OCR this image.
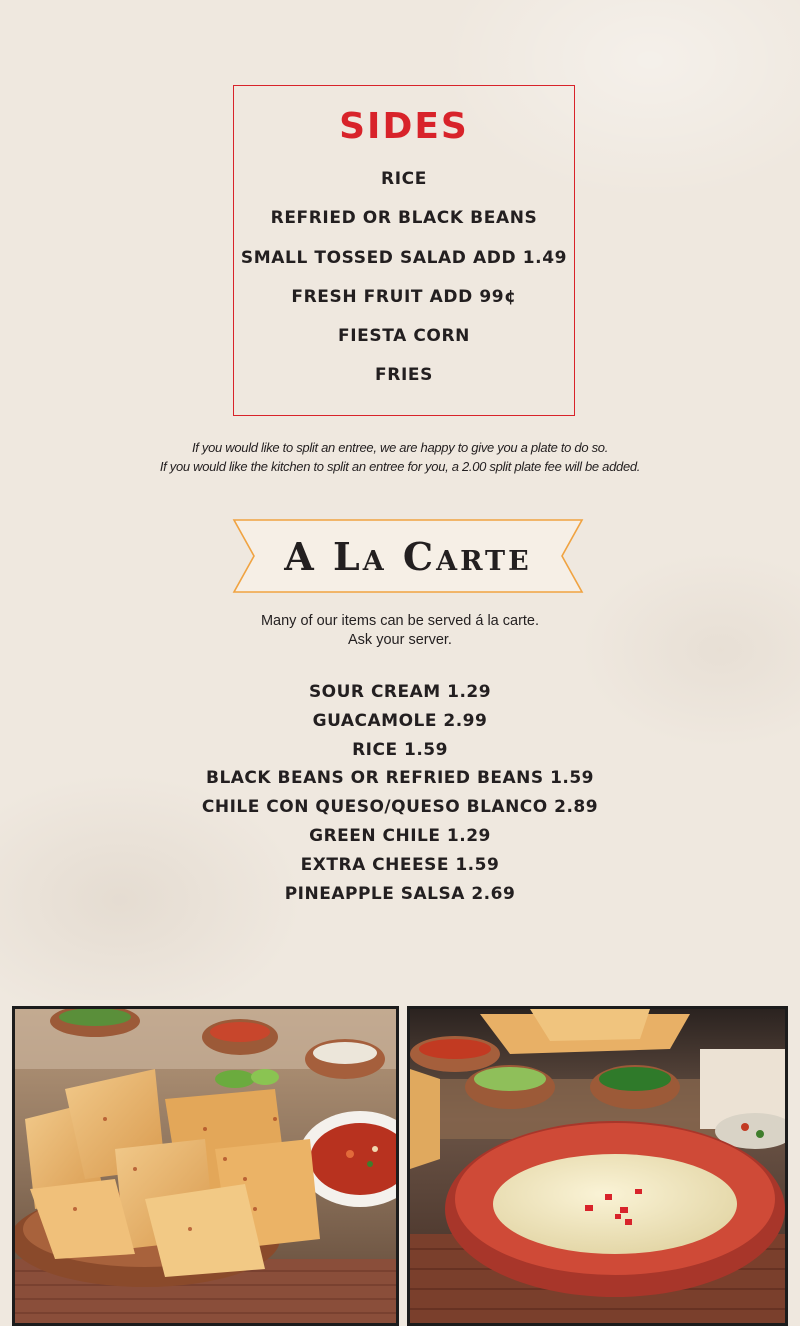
SIDES
RICE
REFRIED OR BLACK BEANS
SMALL TOSSED SALAD ADD 1.49
FRESH FRUIT ADD 99¢
FIESTA CORN
FRIES
If you would like to split an entree, we are happy to give you a plate to do so.
If you would like the kitchen to split an entree for you, a 2.00 split plate fee will be added.
A La Carte
Many of our items can be served á la carte.
Ask your server.
SOUR CREAM 1.29
GUACAMOLE 2.99
RICE 1.59
BLACK BEANS OR REFRIED BEANS 1.59
CHILE CON QUESO/QUESO BLANCO 2.89
GREEN CHILE 1.29
EXTRA CHEESE 1.59
PINEAPPLE SALSA 2.69
